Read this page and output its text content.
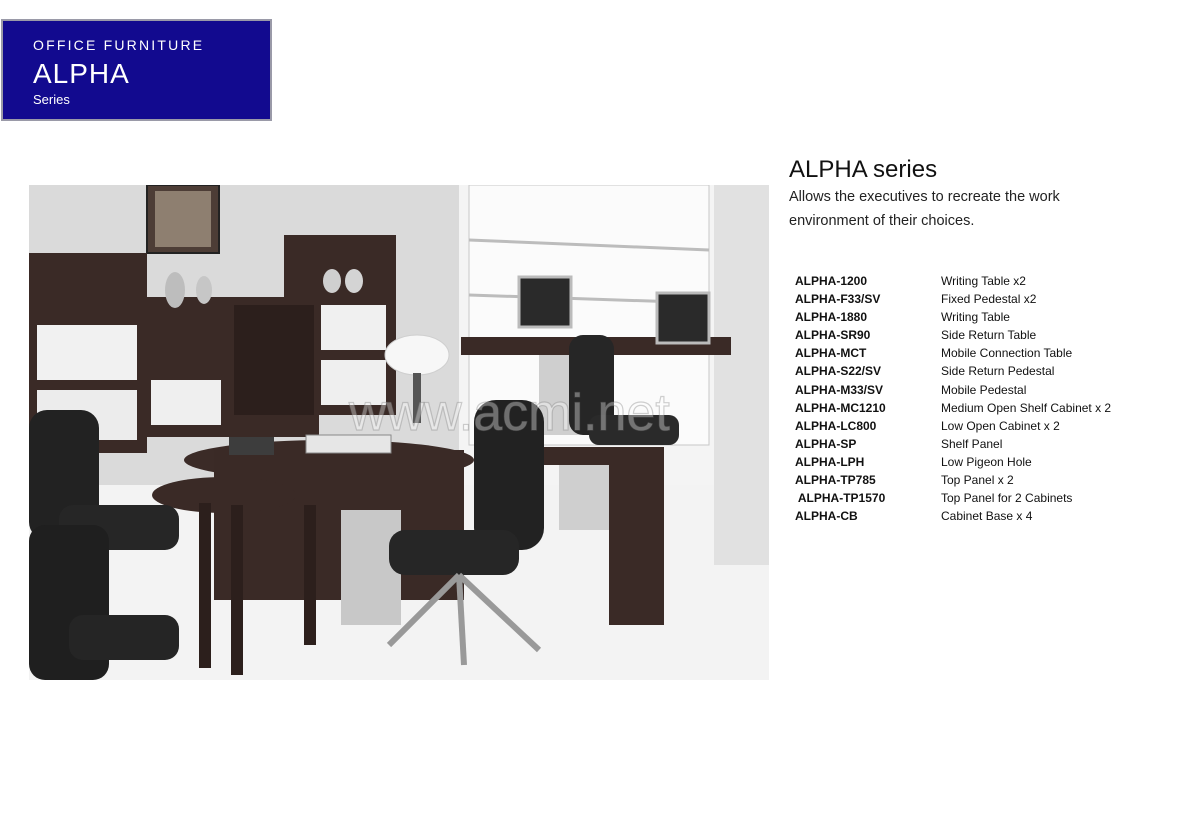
OFFICE FURNITURE
ALPHA
Series
www.acmi.net
ALPHA series
Allows the executives to recreate the work
environment of their choices.
ALPHA-1200	Writing Table x2
ALPHA-F33/SV	Fixed Pedestal x2
ALPHA-1880	Writing Table
ALPHA-SR90	Side Return Table
ALPHA-MCT	Mobile Connection Table
ALPHA-S22/SV	Side Return Pedestal
ALPHA-M33/SV	Mobile Pedestal
ALPHA-MC1210	Medium Open Shelf Cabinet x 2
ALPHA-LC800	Low Open Cabinet x 2
ALPHA-SP	Shelf Panel
ALPHA-LPH	Low Pigeon Hole
ALPHA-TP785	Top Panel x 2
ALPHA-TP1570	Top Panel for 2 Cabinets
ALPHA-CB	Cabinet Base x 4
